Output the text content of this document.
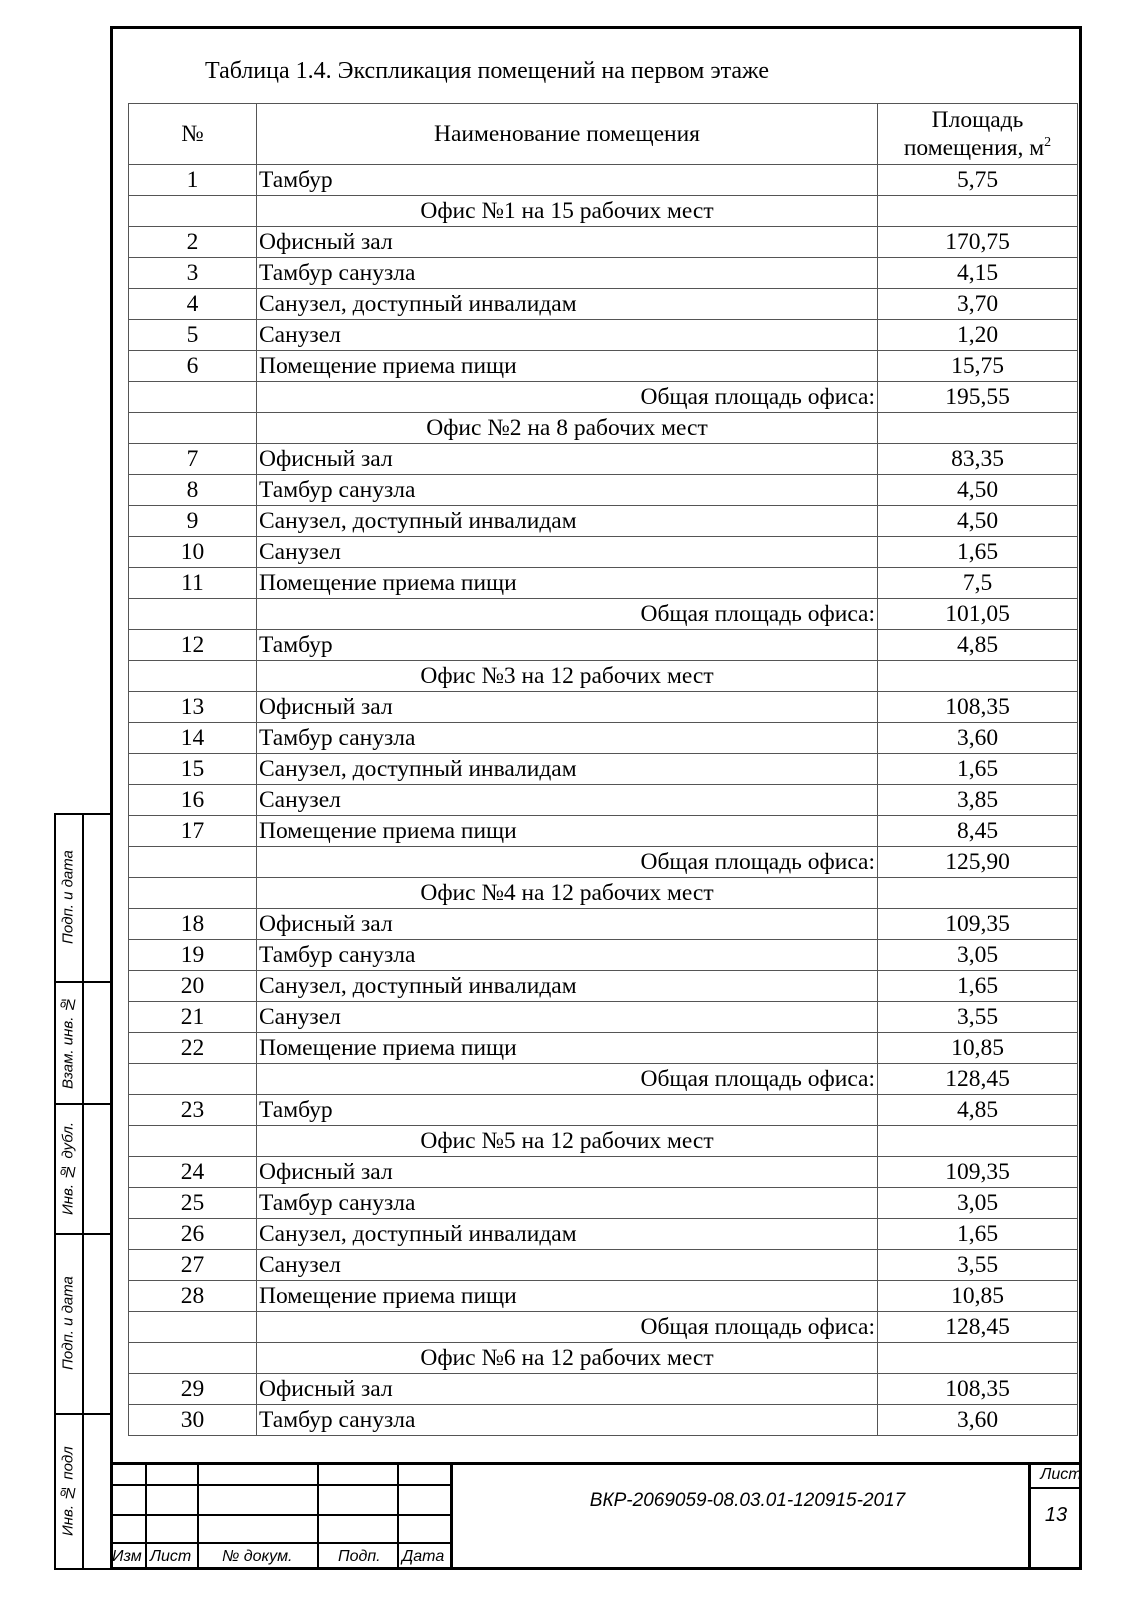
Подп. и дата
Взам. инв. №
Инв. № дубл.
Подп. и дата
Инв. № подл
Таблица 1.4. Экспликация помещений на первом этаже
№	Наименование помещения	Площадь
помещения, $м^2$
1	Тамбур	5,75
	Офис №1 на 15 рабочих мест	
2	Офисный зал	170,75
3	Тамбур санузла	4,15
4	Санузел, доступный инвалидам	3,70
5	Санузел	1,20
6	Помещение приема пищи	15,75
	Общая площадь офиса:	195,55
	Офис №2 на 8 рабочих мест	
7	Офисный зал	83,35
8	Тамбур санузла	4,50
9	Санузел, доступный инвалидам	4,50
10	Санузел	1,65
11	Помещение приема пищи	7,5
	Общая площадь офиса:	101,05
12	Тамбур	4,85
	Офис №3 на 12 рабочих мест	
13	Офисный зал	108,35
14	Тамбур санузла	3,60
15	Санузел, доступный инвалидам	1,65
16	Санузел	3,85
17	Помещение приема пищи	8,45
	Общая площадь офиса:	125,90
	Офис №4 на 12 рабочих мест	
18	Офисный зал	109,35
19	Тамбур санузла	3,05
20	Санузел, доступный инвалидам	1,65
21	Санузел	3,55
22	Помещение приема пищи	10,85
	Общая площадь офиса:	128,45
23	Тамбур	4,85
	Офис №5 на 12 рабочих мест	
24	Офисный зал	109,35
25	Тамбур санузла	3,05
26	Санузел, доступный инвалидам	1,65
27	Санузел	3,55
28	Помещение приема пищи	10,85
	Общая площадь офиса:	128,45
	Офис №6 на 12 рабочих мест	
29	Офисный зал	108,35
30	Тамбур санузла	3,60
Изм Лист № докум.	Подп. Дата
ВКР-2069059-08.03.01-120915-2017
Лист
13
